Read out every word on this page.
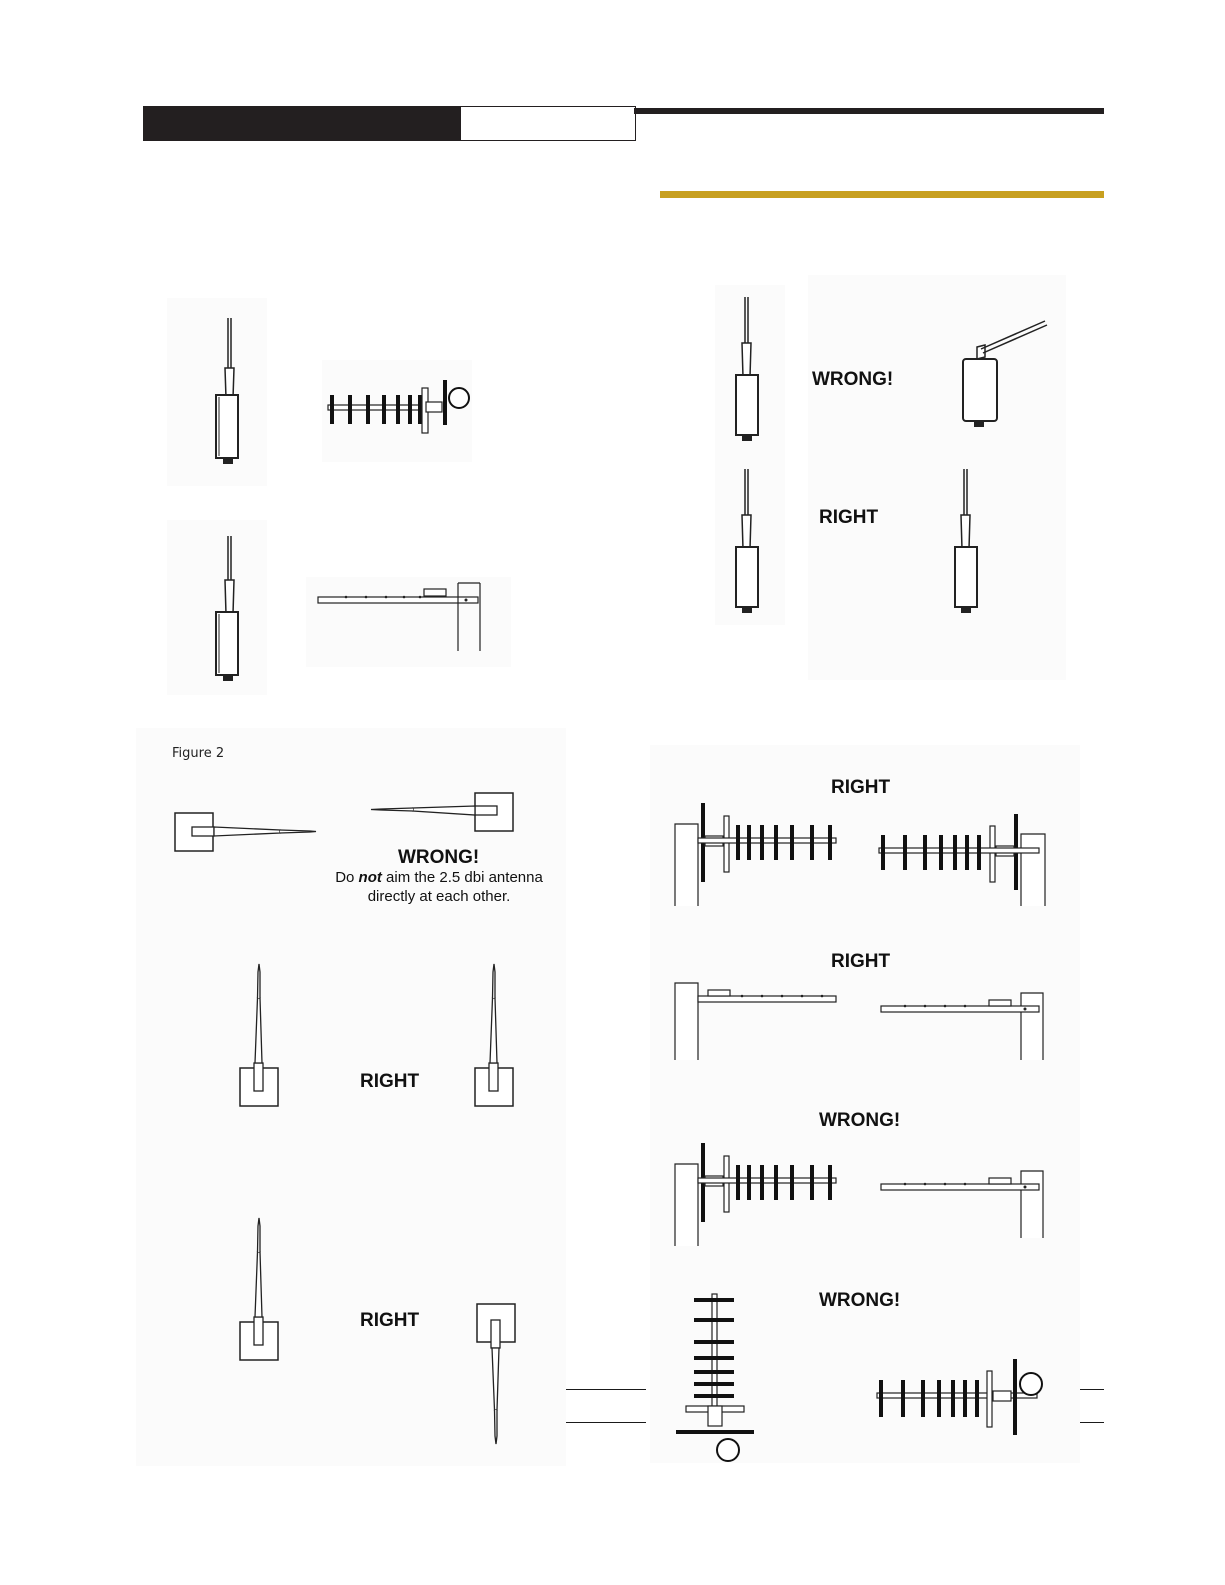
WRONG!
RIGHT
Figure 2
WRONG!
Do not aim the 2.5 dbi antenna
directly at each other.
RIGHT
RIGHT
RIGHT
RIGHT
WRONG!
WRONG!
